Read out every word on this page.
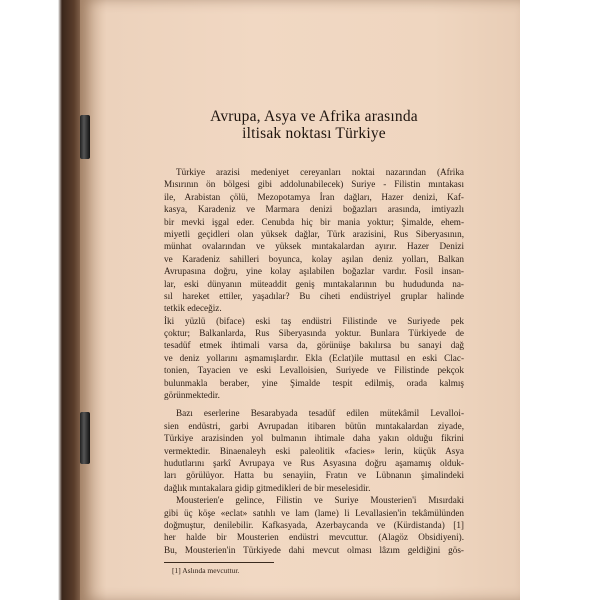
Avrupa, Asya ve Afrika arasında
iltisak noktası Türkiye
Türkiye arazisi medeniyet cereyanları noktai nazarından (Afrika
Mısırının ön bölgesi gibi addolunabilecek) Suriye - Filistin mıntakası
ile, Arabistan çölü, Mezopotamya İran dağları, Hazer denizi, Kaf-
kasya, Karadeniz ve Marmara denizi boğazları arasında, imtiyazlı
bir mevki işgal eder. Cenubda hiç bir mania yoktur; Şimalde, ehem-
miyetli geçidleri olan yüksek dağlar, Türk arazisini, Rus Siberyasının,
münhat ovalarından ve yüksek mıntakalardan ayırır. Hazer Denizi
ve Karadeniz sahilleri boyunca, kolay aşılan deniz yolları, Balkan
Avrupasına doğru, yine kolay aşılabilen boğazlar vardır. Fosil insan-
lar, eski dünyanın müteaddit geniş mıntakalarının bu hududunda na-
sıl hareket ettiler, yaşadılar? Bu ciheti endüstriyel gruplar halinde
tetkik edeceğiz.
İki yüzlü (biface) eski taş endüstri Filistinde ve Suriyede pek
çoktur; Balkanlarda, Rus Siberyasında yoktur. Bunlara Türkiyede de
tesadüf etmek ihtimali varsa da, görünüşe bakılırsa bu sanayi dağ
ve deniz yollarını aşmamışlardır. Ekla (Eclat)ile muttasıl en eski Clac-
tonien, Tayacien ve eski Levalloisien, Suriyede ve Filistinde pekçok
bulunmakla beraber, yine Şimalde tespit edilmiş, orada kalmış
görünmektedir.
Bazı eserlerine Besarabyada tesadüf edilen mütekâmil Levalloi-
sien endüstri, garbi Avrupadan itibaren bütün mıntakalardan ziyade,
Türkiye arazisinden yol bulmanın ihtimale daha yakın olduğu fikrini
vermektedir. Binaenaleyh eski paleolitik «facies» lerin, küçük Asya
hudutlarını şarkî Avrupaya ve Rus Asyasına doğru aşamamış olduk-
ları görülüyor. Hatta bu senayiin, Fratın ve Lübnanın şimalindeki
dağlık mıntakalara gidip gitmedikleri de bir meselesidir.
Mousterien'e gelince, Filistin ve Suriye Mousterien'i Mısırdaki
gibi üç köşe «eclat» satıhlı ve lam (lame) li Levallasien'in tekâmülünden
doğmuştur, denilebilir. Kafkasyada, Azerbaycanda ve (Kürdistanda) [1]
her halde bir Mousterien endüstri mevcuttur. (Alagöz Obsidiyeni).
Bu, Mousterien'in Türkiyede dahi mevcut olması lâzım geldiğini gös-
[1] Aslında mevcuttur.
